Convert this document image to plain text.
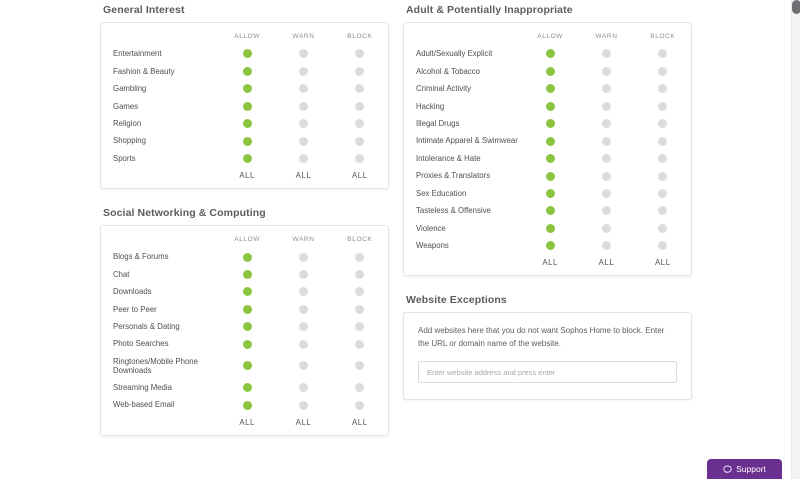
General Interest
	ALLOW	WARN	BLOCK
Entertainment			
Fashion & Beauty			
Gambling			
Games			
Religion			
Shopping			
Sports			
	ALL	ALL	ALL
Social Networking & Computing
	ALLOW	WARN	BLOCK
Blogs & Forums			
Chat			
Downloads			
Peer to Peer			
Personals & Dating			
Photo Searches			
Ringtones/Mobile Phone Downloads			
Streaming Media			
Web-based Email			
	ALL	ALL	ALL
Adult & Potentially Inappropriate
	ALLOW	WARN	BLOCK
Adult/Sexually Explicit			
Alcohol & Tobacco			
Criminal Activity			
Hacking			
Illegal Drugs			
Intimate Apparel & Swimwear			
Intolerance & Hate			
Proxies & Translators			
Sex Education			
Tasteless & Offensive			
Violence			
Weapons			
	ALL	ALL	ALL
Website Exceptions
Add websites here that you do not want Sophos Home to block. Enter the URL or domain name of the website.
Enter website address and press enter
Support
